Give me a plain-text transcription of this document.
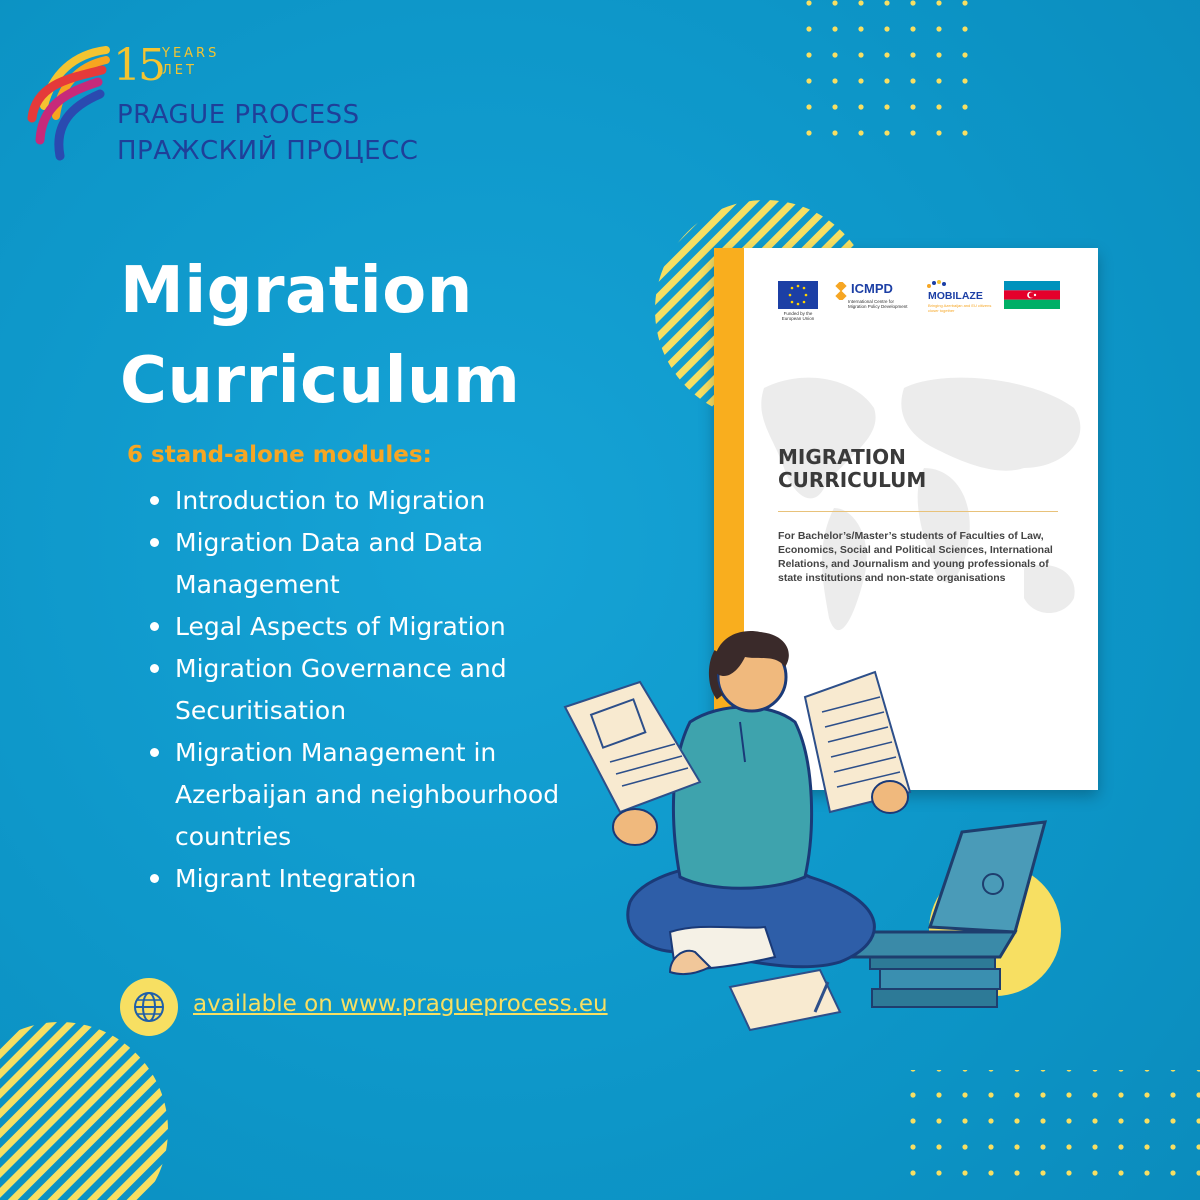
15 YEARS
ЛЕТ
PRAGUE PROCESS
ПРАЖСКИЙ ПРОЦЕСС
Migration
Curriculum
6 stand-alone modules:
Introduction to Migration
Migration Data and Data Management
Legal Aspects of Migration
Migration Governance and Securitisation
Migration Management in Azerbaijan and neighbourhood countries
Migrant Integration
available on www.pragueprocess.eu
Funded by the European Union
ICMPD
International Centre for Migration Policy Development
MOBILAZE
Bringing Azerbaijan and EU citizens closer together
MIGRATION
CURRICULUM
For Bachelor’s/Master’s students of Faculties of Law, Economics, Social and Political Sciences, International Relations, and Journalism and young professionals of state institutions and non-state organisations
